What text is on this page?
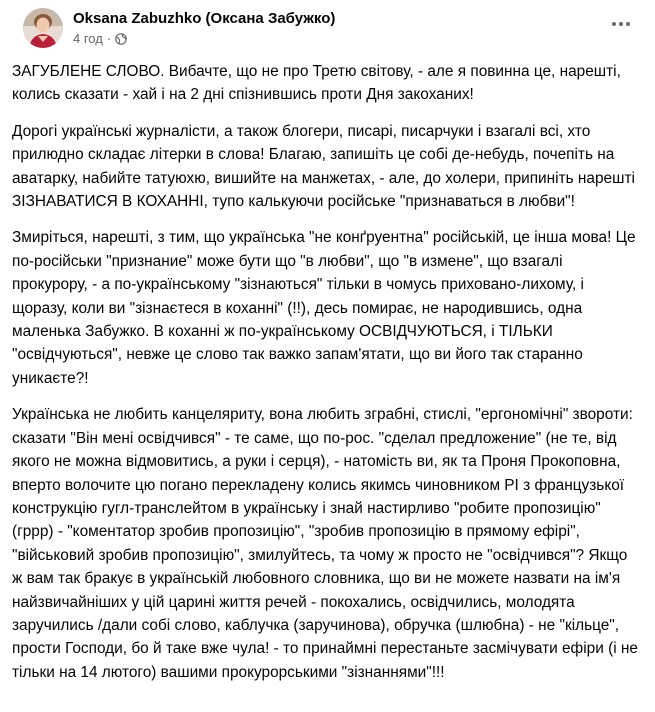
Oksana Zabuzhko (Оксана Забужко)
4 год ·

ЗАГУБЛЕНЕ СЛОВО. Вибачте, що не про Третю світову, - але я повинна це, нарешті, колись сказати - хай і на 2 дні спізнившись проти Дня закоханих!

Дорогі українські журналісти, а також блогери, писарі, писарчуки і взагалі всі, хто прилюдно складає літерки в слова! Благаю, запишіть це собі де-небудь, почепіть на аватарку, набийте татуюхю, вишийте на манжетах, - але, до холери, припиніть нарешті ЗІЗНАВАТИСЯ В КОХАННІ, тупо калькуючи російське "признаваться в любви"!

Змиріться, нарешті, з тим, що українська "не конґруентна" російській, це інша мова! Це по-російськи "признание" може бути що "в любви", що "в измене", що взагалі прокурору, - а по-українському "зізнаються" тільки в чомусь приховано-лихому, і щоразу, коли ви "зізнаєтеся в коханні" (!!), десь помирає, не народившись, одна маленька Забужко. В коханні ж по-українському ОСВІДЧУЮТЬСЯ, і ТІЛЬКИ "освідчуються", невже це слово так важко запам'ятати, що ви його так старанно уникаєте?!

Українська не любить канцеляриту, вона любить зграбні, стислі, "ергономічні" звороти: сказати "Він мені освідчився" - те саме, що по-рос. "сделал предложение" (не те, від якого не можна відмовитись, а руки і серця), - натомість ви, як та Проня Прокоповна, вперто волочите цю погано перекладену колись якимсь чиновником РІ з французької конструкцію гугл-транслейтом в українську і знай настирливо "робите пропозицію" (гррр) - "коментатор зробив пропозицію", "зробив пропозицію в прямому ефірі", "військовий зробив пропозицію", змилуйтесь, та чому ж просто не "освідчився"? Якщо ж вам так бракує в українській любовного словника, що ви не можете назвати на ім'я найзвичайніших у цій царині життя речей - покохались, освідчились, молодята заручились /дали собі слово, каблучка (заручинова), обручка (шлюбна) - не "кільце", прости Господи, бо й таке вже чула! - то принаймні перестаньте засмічувати ефіри (і не тільки на 14 лютого) вашими прокурорськими "зізнаннями"!!!
